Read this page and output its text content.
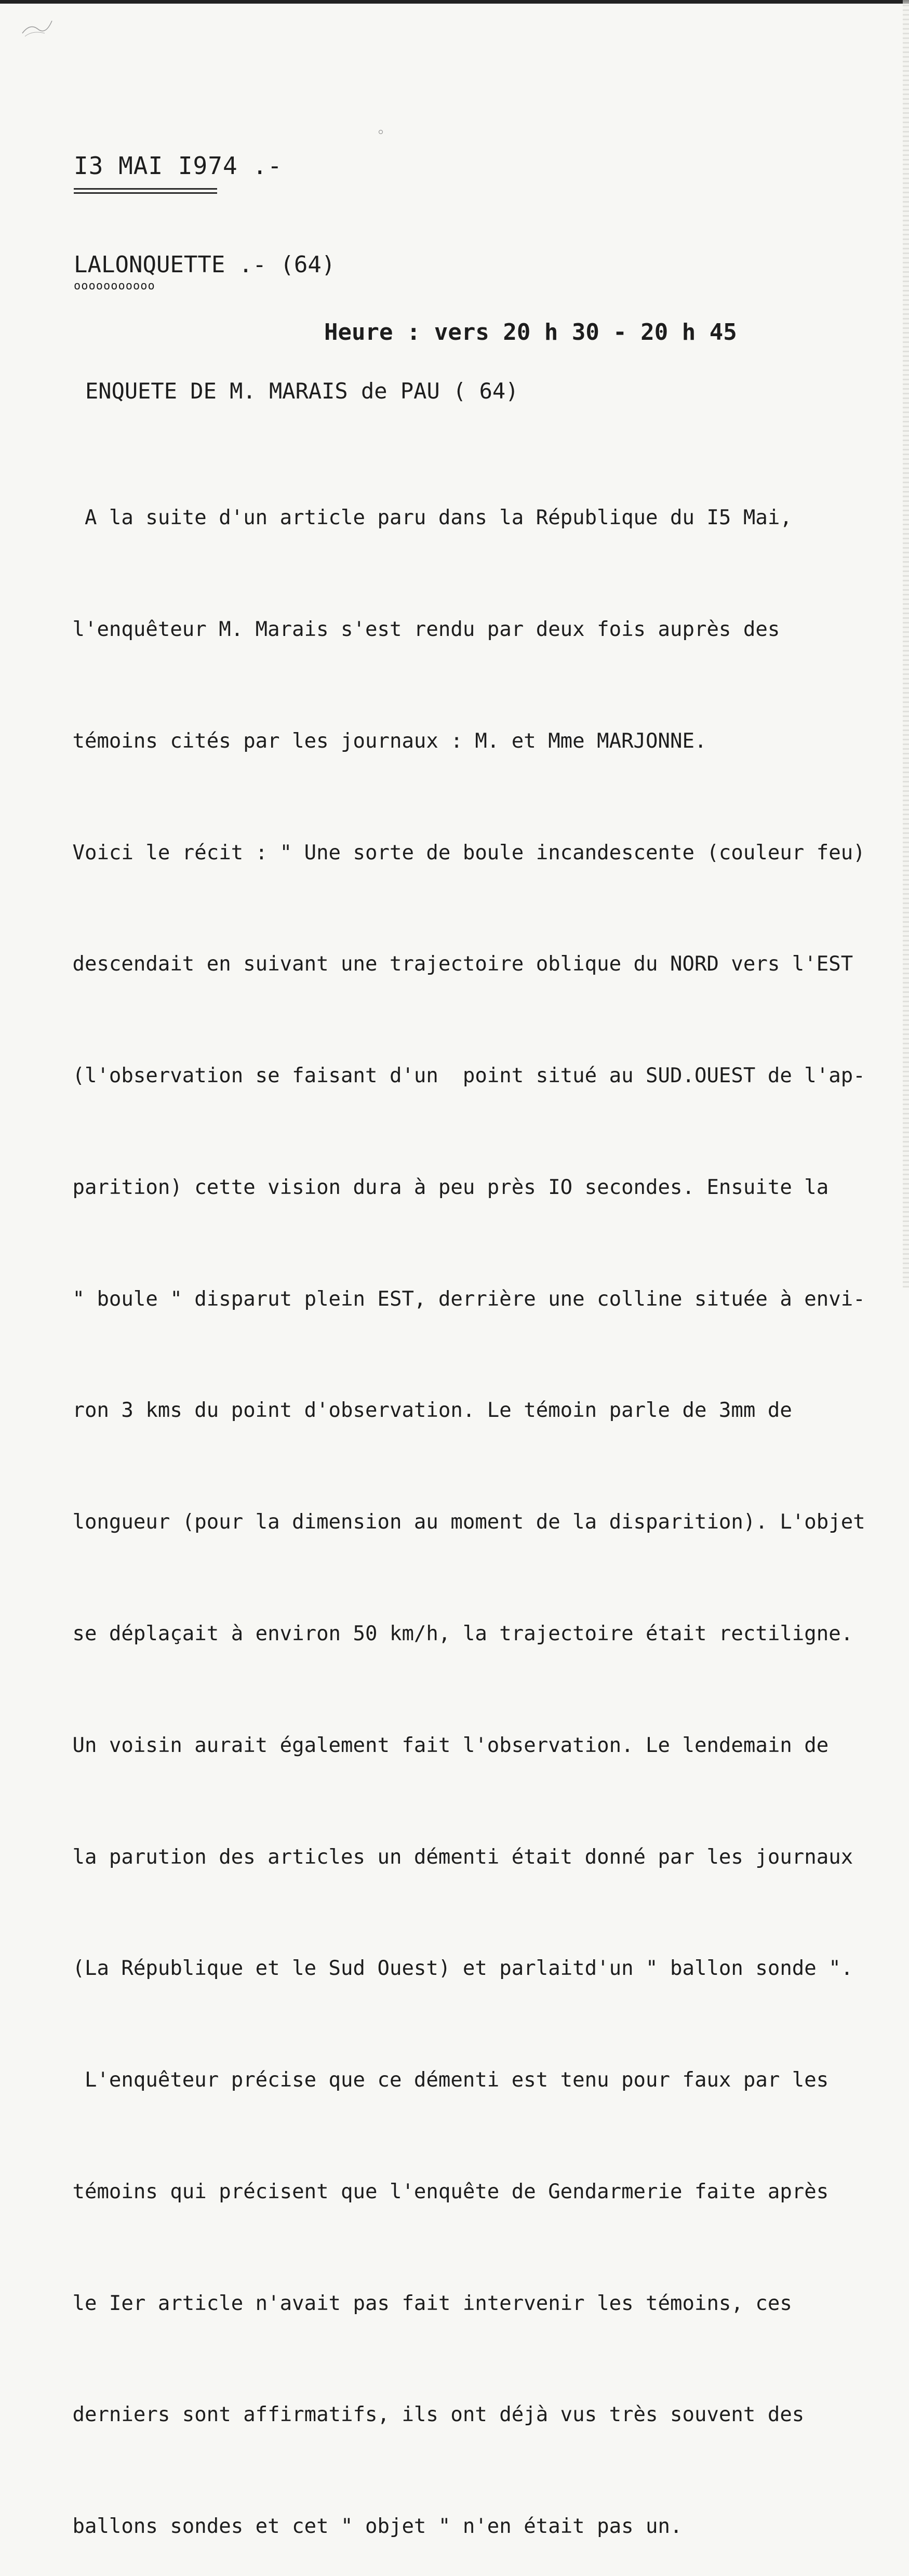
I3 MAI I974 .-
LALONQUETTE .- (64)
ooooooooooo
Heure : vers 20 h 30 - 20 h 45
ENQUETE DE M. MARAIS de PAU ( 64)

A la suite d'un article paru dans la République du I5 Mai,

l'enquêteur M. Marais s'est rendu par deux fois auprès des

témoins cités par les journaux : M. et Mme MARJONNE.

Voici le récit : " Une sorte de boule incandescente (couleur feu)

descendait en suivant une trajectoire oblique du NORD vers l'EST

(l'observation se faisant d'un  point situé au SUD.OUEST de l'ap-

parition) cette vision dura à peu près IO secondes. Ensuite la

" boule " disparut plein EST, derrière une colline située à envi-

ron 3 kms du point d'observation. Le témoin parle de 3mm de

longueur (pour la dimension au moment de la disparition). L'objet

se déplaçait à environ 50 km/h, la trajectoire était rectiligne.

Un voisin aurait également fait l'observation. Le lendemain de

la parution des articles un démenti était donné par les journaux

(La République et le Sud Ouest) et parlaitd'un " ballon sonde ".

L'enquêteur précise que ce démenti est tenu pour faux par les

témoins qui précisent que l'enquête de Gendarmerie faite après

le Ier article n'avait pas fait intervenir les témoins, ces

derniers sont affirmatifs, ils ont déjà vus très souvent des

ballons sondes et cet " objet " n'en était pas un.
